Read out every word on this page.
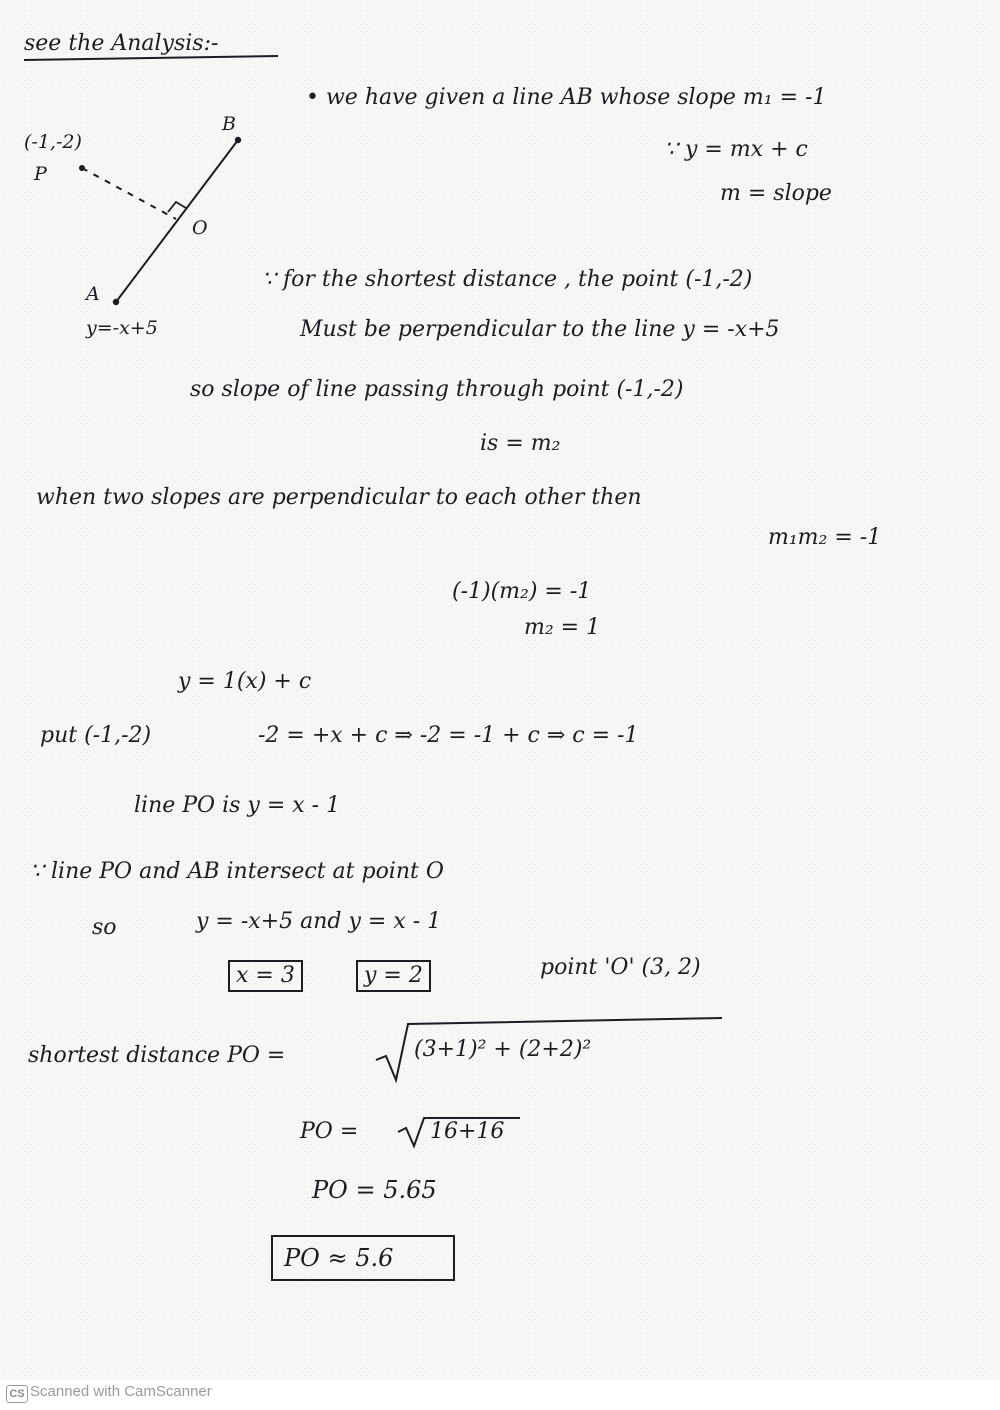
see the Analysis:-
(-1,-2)
P
B
A
O
y=-x+5
• we have given a line AB whose slope m₁ = -1
∵ y = mx + c
m = slope
∵ for the shortest distance , the point (-1,-2)
Must be perpendicular to the line y = -x+5
so slope of line passing through point (-1,-2)
is = m₂
when two slopes are perpendicular to each other then
m₁m₂ = -1
(-1)(m₂) = -1
m₂ = 1
y = 1(x) + c
put (-1,-2)	-2 = +x + c ⇒ -2 = -1 + c ⇒ c = -1
line PO is y = x - 1
∵ line PO and AB intersect at point O
so	y = -x+5 and y = x - 1
x = 3	y = 2	point 'O' (3, 2)
shortest distance PO =	(3+1)² + (2+2)²
PO =	16+16
PO = 5.65
PO ≈ 5.6
CS Scanned with CamScanner
